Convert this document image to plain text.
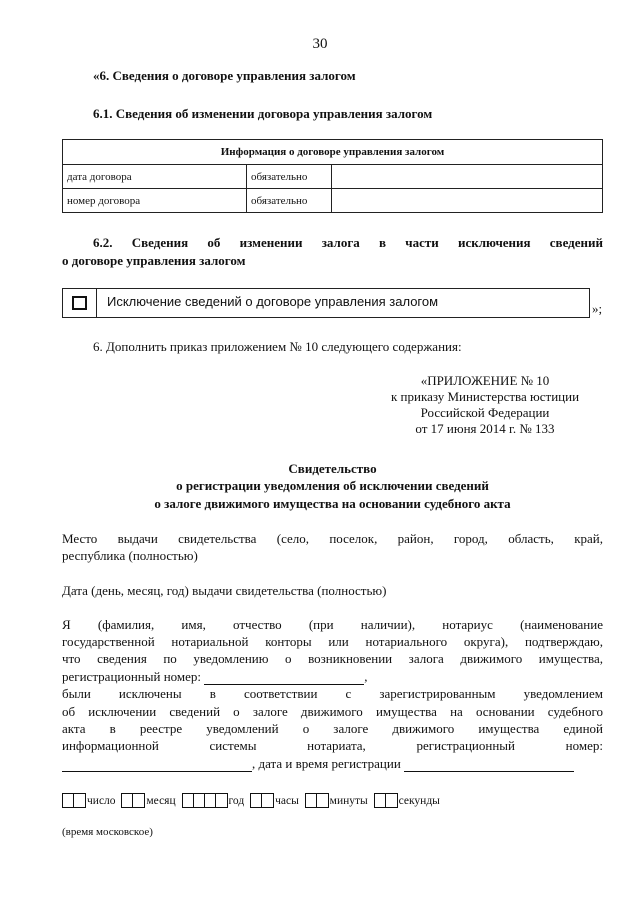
30
«6. Сведения о договоре управления залогом
6.1. Сведения об изменении договора управления залогом
Информация о договоре управления залогом		
дата договора	обязательно	
номер договора	обязательно	
6.2. Сведения об изменении залога в части исключения сведений
о договоре управления залогом
Исключение сведений о договоре управления залогом	»;
6. Дополнить приказ приложением № 10 следующего содержания:
«ПРИЛОЖЕНИЕ № 10
к приказу Министерства юстиции
Российской Федерации
от 17 июня 2014 г. № 133
Свидетельство
о регистрации уведомления об исключении сведений
о залоге движимого имущества на основании судебного акта
Место выдачи свидетельства (село, поселок, район, город, область, край,
республика (полностью)
Дата (день, месяц, год) выдачи свидетельства (полностью)
Я (фамилия, имя, отчество (при наличии), нотариус (наименование
государственной нотариальной конторы или нотариального округа), подтверждаю,
что сведения по уведомлению о возникновении залога движимого имущества,
регистрационный номер:	,
были исключены в соответствии с зарегистрированным уведомлением
об исключении сведений о залоге движимого имущества на основании судебного
акта в реестре уведомлений о залоге движимого имущества единой
информационной системы нотариата, регистрационный номер:
, дата и время регистрации
число	месяц	год	часы	минуты	секунды
(время московское)
